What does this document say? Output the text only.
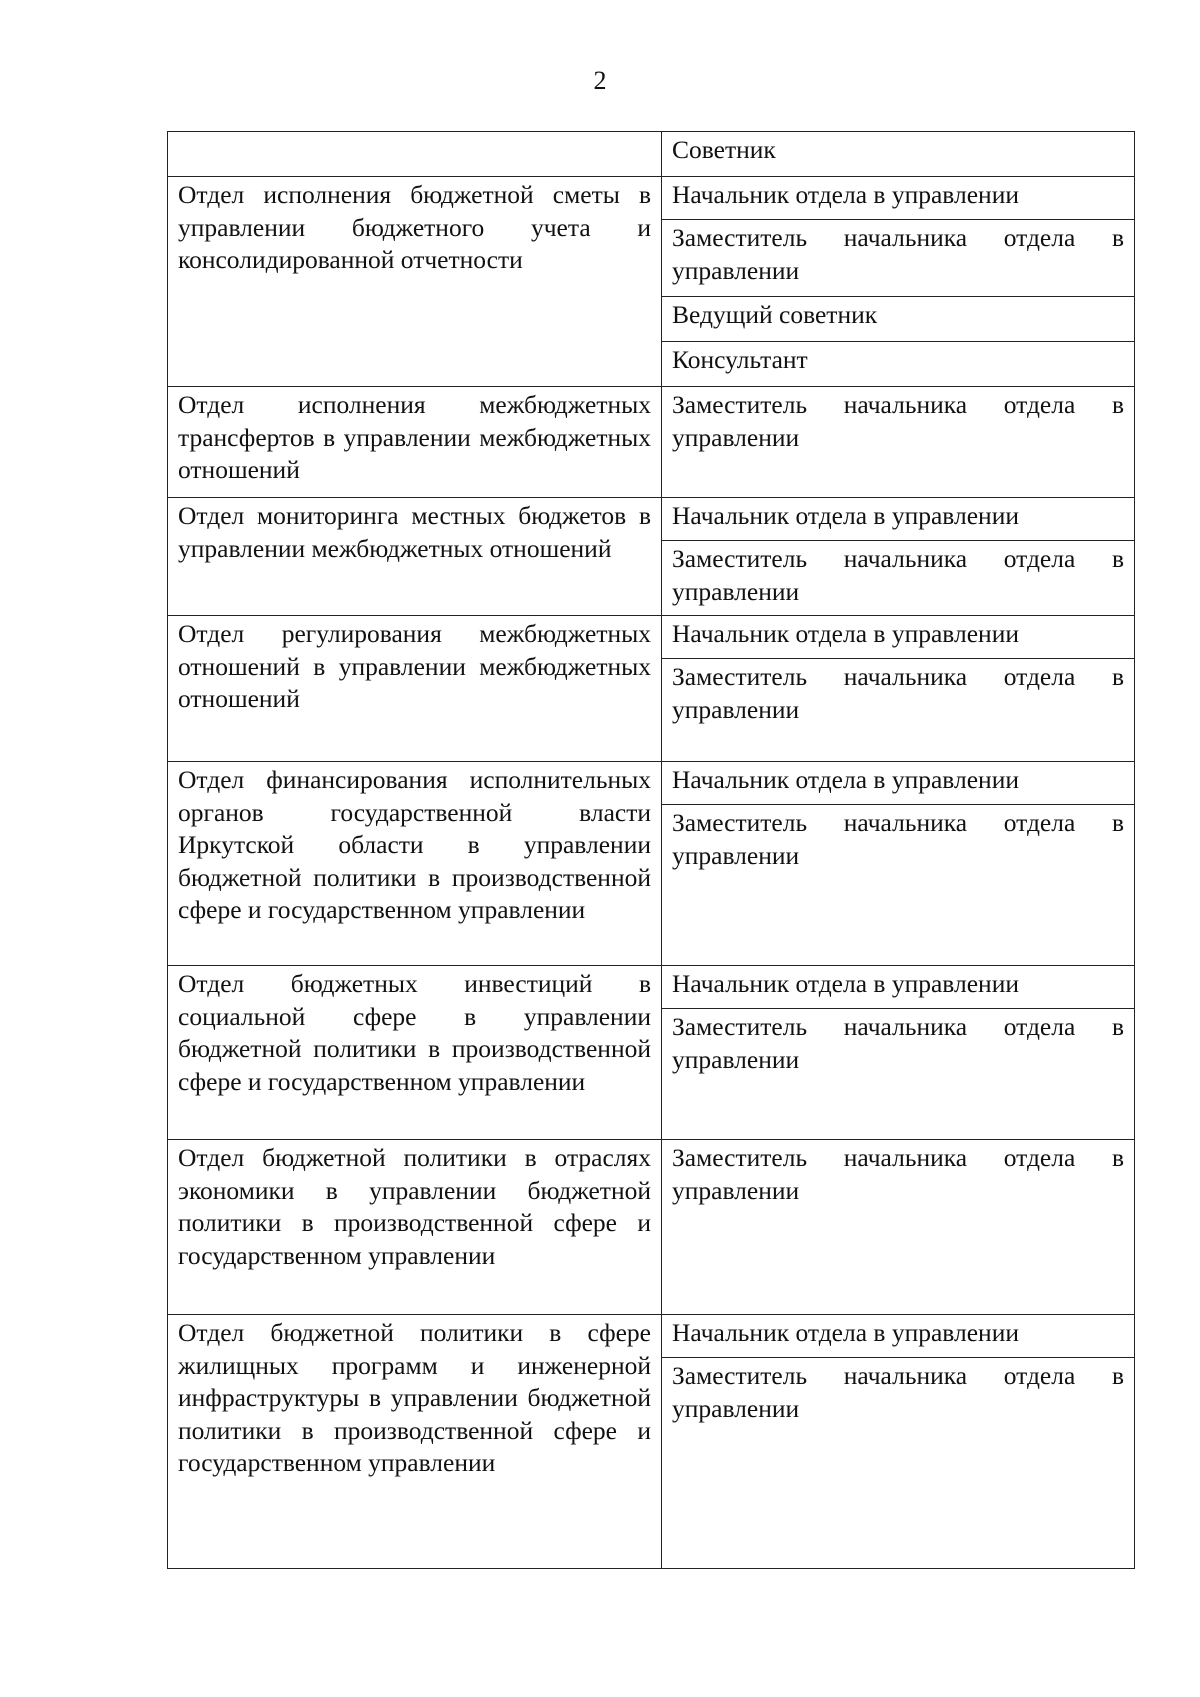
2

	Советник

Отдел исполнения бюджетной сметы в управлении бюджетного учета и консолидированной отчетности	Начальник отдела в управлении

	Заместитель начальника отдела в управлении

	Ведущий советник

	Консультант

Отдел исполнения межбюджетных трансфертов в управлении межбюджетных отношений	Заместитель начальника отдела в управлении

Отдел мониторинга местных бюджетов в управлении межбюджетных отношений	Начальник отдела в управлении

	Заместитель начальника отдела в управлении

Отдел регулирования межбюджетных отношений в управлении межбюджетных отношений	Начальник отдела в управлении

	Заместитель начальника отдела в управлении

Отдел финансирования исполнительных органов государственной власти Иркутской области в управлении бюджетной политики в производственной сфере и государственном управлении	Начальник отдела в управлении

	Заместитель начальника отдела в управлении

Отдел бюджетных инвестиций в социальной сфере в управлении бюджетной политики в производственной сфере и государственном управлении	Начальник отдела в управлении

	Заместитель начальника отдела в управлении

Отдел бюджетной политики в отраслях экономики в управлении бюджетной политики в производственной сфере и государственном управлении	Заместитель начальника отдела в управлении

Отдел бюджетной политики в сфере жилищных программ и инженерной инфраструктуры в управлении бюджетной политики в производственной сфере и государственном управлении	Начальник отдела в управлении

	Заместитель начальника отдела в управлении
